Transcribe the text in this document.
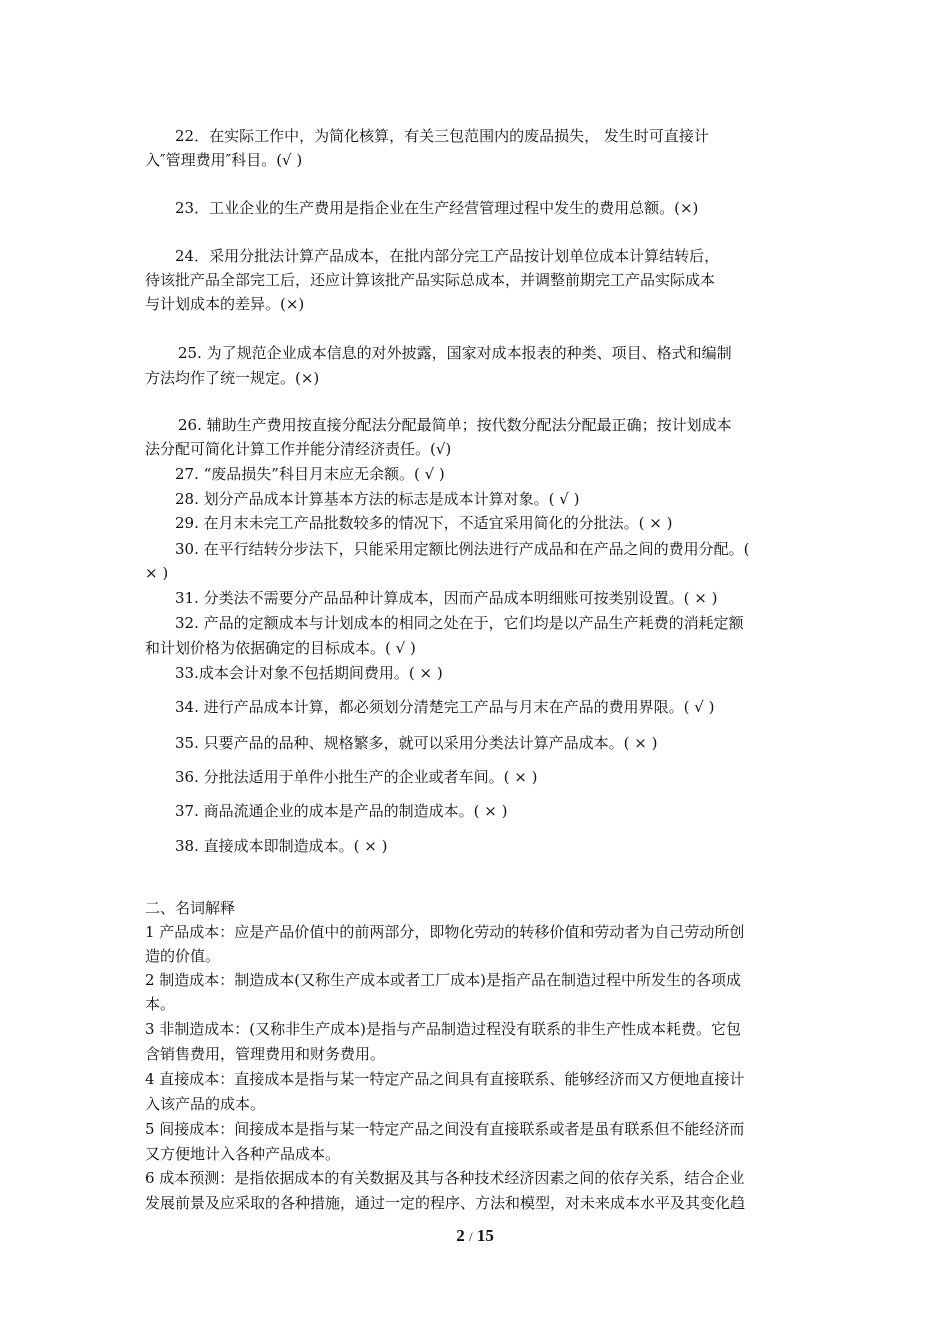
22．在实际工作中，为简化核算，有关三包范围内的废品损失， 发生时可直接计
入″管理费用″科目。(√ )
23．工业企业的生产费用是指企业在生产经营管理过程中发生的费用总额。(×)
24．采用分批法计算产品成本，在批内部分完工产品按计划单位成本计算结转后，
待该批产品全部完工后，还应计算该批产品实际总成本，并调整前期完工产品实际成本
与计划成本的差异。(×)
25. 为了规范企业成本信息的对外披露，国家对成本报表的种类、项目、格式和编制
方法均作了统一规定。(×)
26. 辅助生产费用按直接分配法分配最简单；按代数分配法分配最正确；按计划成本
法分配可简化计算工作并能分清经济责任。(√)
27. “废品损失”科目月末应无余额。( √ )
28. 划分产品成本计算基本方法的标志是成本计算对象。( √ )
29. 在月末未完工产品批数较多的情况下，不适宜采用简化的分批法。( × )
30. 在平行结转分步法下，只能采用定额比例法进行产成品和在产品之间的费用分配。(
× )
31. 分类法不需要分产品品种计算成本，因而产品成本明细账可按类别设置。( × )
32. 产品的定额成本与计划成本的相同之处在于，它们均是以产品生产耗费的消耗定额
和计划价格为依据确定的目标成本。( √ )
33.成本会计对象不包括期间费用。( × )
34. 进行产品成本计算，都必须划分清楚完工产品与月末在产品的费用界限。( √ )
35. 只要产品的品种、规格繁多，就可以采用分类法计算产品成本。( × )
36. 分批法适用于单件小批生产的企业或者车间。( × )
37. 商品流通企业的成本是产品的制造成本。( × )
38. 直接成本即制造成本。( × )
二、名词解释
1 产品成本：应是产品价值中的前两部分，即物化劳动的转移价值和劳动者为自己劳动所创
造的价值。
2 制造成本：制造成本(又称生产成本或者工厂成本)是指产品在制造过程中所发生的各项成
本。
3 非制造成本：(又称非生产成本)是指与产品制造过程没有联系的非生产性成本耗费。它包
含销售费用，管理费用和财务费用。
4 直接成本：直接成本是指与某一特定产品之间具有直接联系、能够经济而又方便地直接计
入该产品的成本。
5 间接成本：间接成本是指与某一特定产品之间没有直接联系或者是虽有联系但不能经济而
又方便地计入各种产品成本。
6 成本预测：是指依据成本的有关数据及其与各种技术经济因素之间的依存关系，结合企业
发展前景及应采取的各种措施，通过一定的程序、方法和模型，对未来成本水平及其变化趋
2 / 15
